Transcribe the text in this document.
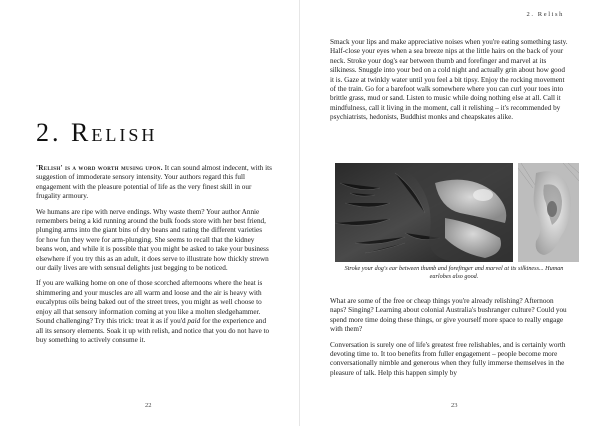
2. Relish

'Relish' is a word worth musing upon. It can sound almost indecent, with its suggestion of immoderate sensory intensity. Your authors regard this full engagement with the pleasure potential of life as the very finest skill in our frugality armoury.

We humans are ripe with nerve endings. Why waste them? Your author Annie remembers being a kid running around the bulk foods store with her best friend, plunging arms into the giant bins of dry beans and rating the different varieties for how fun they were for arm-plunging. She seems to recall that the kidney beans won, and while it is possible that you might be asked to take your business elsewhere if you try this as an adult, it does serve to illustrate how thickly strewn our daily lives are with sensual delights just begging to be noticed.

If you are walking home on one of those scorched afternoons where the heat is shimmering and your muscles are all warm and loose and the air is heavy with eucalyptus oils being baked out of the street trees, you might as well choose to enjoy all that sensory information coming at you like a molten sledgehammer. Sound challenging? Try this trick: treat it as if you'd paid for the experience and all its sensory elements. Soak it up with relish, and notice that you do not have to buy something to actively consume it.

22
2. Relish

Smack your lips and make appreciative noises when you're eating something tasty. Half-close your eyes when a sea breeze nips at the little hairs on the back of your neck. Stroke your dog's ear between thumb and forefinger and marvel at its silkiness. Snuggle into your bed on a cold night and actually grin about how good it is. Gaze at twinkly water until you feel a bit tipsy. Enjoy the rocking movement of the train. Go for a barefoot walk somewhere where you can curl your toes into brittle grass, mud or sand. Listen to music while doing nothing else at all. Call it mindfulness, call it living in the moment, call it relishing – it's recommended by psychiatrists, hedonists, Buddhist monks and cheapskates alike.

Stroke your dog's ear between thumb and forefinger and marvel at its silkiness... Human earlobes also good.

What are some of the free or cheap things you're already relishing? Afternoon naps? Singing? Learning about colonial Australia's bushranger culture? Could you spend more time doing these things, or give yourself more space to really engage with them?

Conversation is surely one of life's greatest free relishables, and is certainly worth devoting time to. It too benefits from fuller engagement – people become more conversationally nimble and generous when they fully immerse themselves in the pleasure of talk. Help this happen simply by

23
